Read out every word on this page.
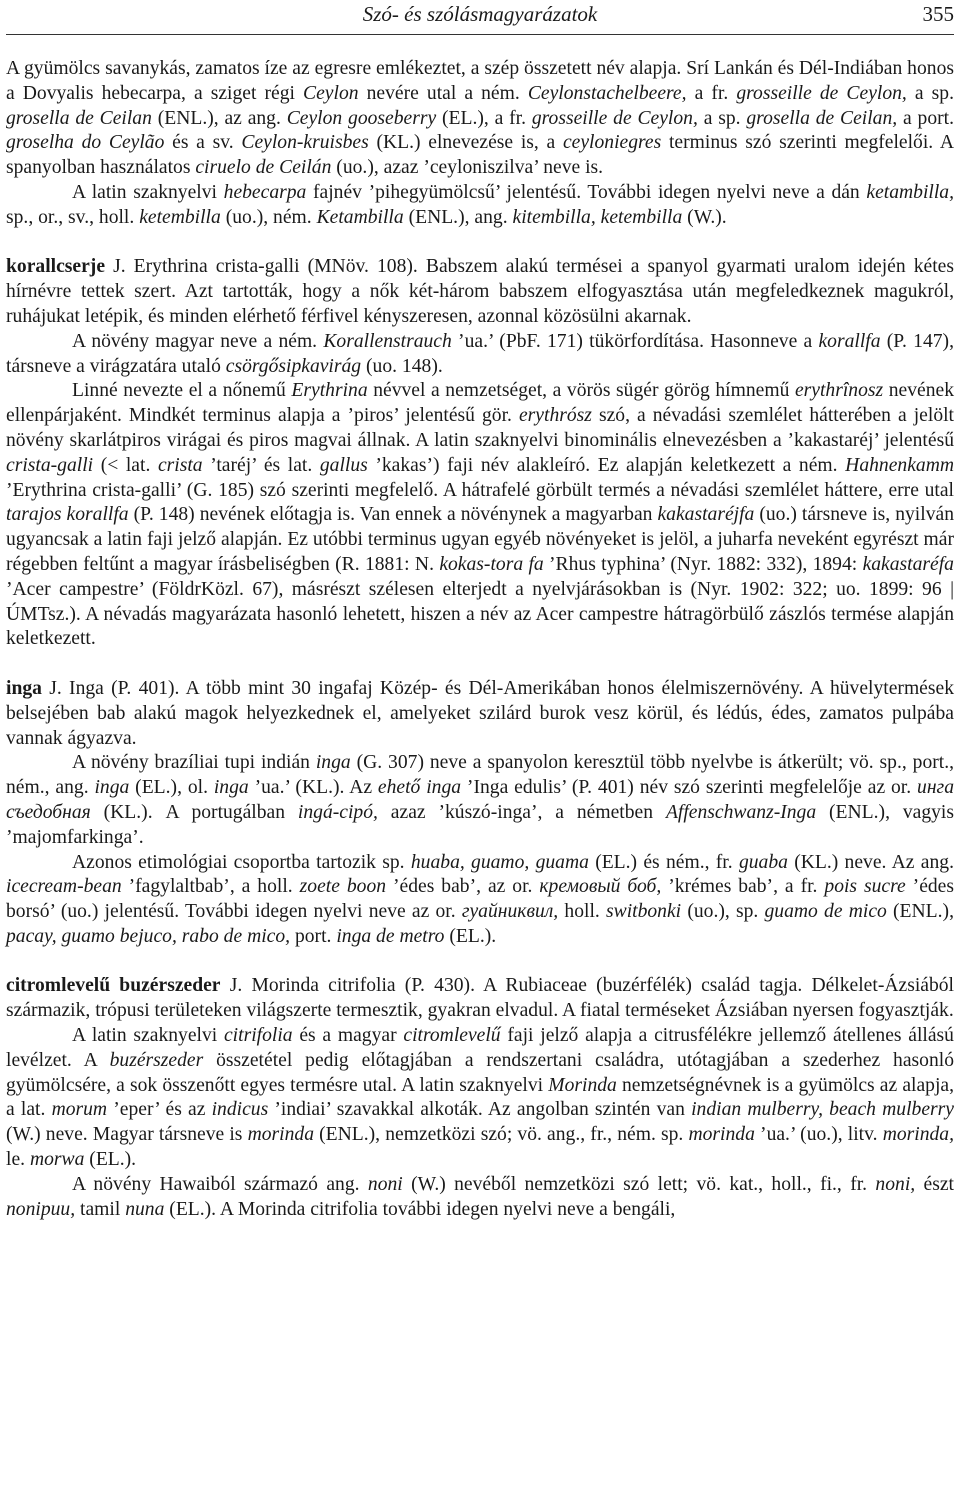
Szó- és szólásmagyarázatok	355

A gyümölcs savanykás, zamatos íze az egresre emlékeztet, a szép összetett név alapja. Srí Lankán és Dél-Indiában honos a Dovyalis hebecarpa, a sziget régi Ceylon nevére utal a ném. Ceylonstachelbeere, a fr. grosseille de Ceylon, a sp. grosella de Ceilan (ENL.), az ang. Ceylon gooseberry (EL.), a fr. grosseille de Ceylon, a sp. grosella de Ceilan, a port. groselha do Ceylão és a sv. Ceylon-kruisbes (KL.) elnevezése is, a ceyloniegres terminus szó szerinti megfelelői. A spanyolban használatos ciruelo de Ceilán (uo.), azaz ’ceyloniszilva’ neve is.

A latin szaknyelvi hebecarpa fajnév ’pihegyümölcsű’ jelentésű. További idegen nyelvi neve a dán ketambilla, sp., or., sv., holl. ketembilla (uo.), ném. Ketambilla (ENL.), ang. kitembilla, ketembilla (W.).

korallcserje J. Erythrina crista-galli (MNöv. 108). Babszem alakú termései a spanyol gyarmati uralom idején kétes hírnévre tettek szert. Azt tartották, hogy a nők két-három babszem elfogyasztása után megfeledkeznek magukról, ruhájukat letépik, és minden elérhető férfivel kényszeresen, azonnal közösülni akarnak.

A növény magyar neve a ném. Korallenstrauch ’ua.’ (PbF. 171) tükörfordítása. Hasonneve a korallfa (P. 147), társneve a virágzatára utaló csörgősipkavirág (uo. 148).

Linné nevezte el a nőnemű Erythrina névvel a nemzetséget, a vörös sügér görög hímnemű erythrînosz nevének ellenpárjaként. Mindkét terminus alapja a ’piros’ jelentésű gör. erythrósz szó, a névadási szemlélet hátterében a jelölt növény skarlátpiros virágai és piros magvai állnak. A latin szaknyelvi binominális elnevezésben a ’kakastaréj’ jelentésű crista-galli (< lat. crista ’taréj’ és lat. gallus ’kakas’) faji név alakleíró. Ez alapján keletkezett a ném. Hahnenkamm ’Erythrina crista-galli’ (G. 185) szó szerinti megfelelő. A hátrafelé görbült termés a névadási szemlélet háttere, erre utal tarajos korallfa (P. 148) nevének előtagja is. Van ennek a növénynek a magyarban kakastaréjfa (uo.) társneve is, nyilván ugyancsak a latin faji jelző alapján. Ez utóbbi terminus ugyan egyéb növényeket is jelöl, a juharfa neveként egyrészt már régebben feltűnt a magyar írásbeliségben (R. 1881: N. kokas-tora fa ’Rhus typhina’ (Nyr. 1882: 332), 1894: kakastaréfa ’Acer campestre’ (FöldrKözl. 67), másrészt szélesen elterjedt a nyelvjárásokban is (Nyr. 1902: 322; uo. 1899: 96 | ÚMTsz.). A névadás magyarázata hasonló lehetett, hiszen a név az Acer campestre hátragörbülő zászlós termése alapján keletkezett.

inga J. Inga (P. 401). A több mint 30 ingafaj Közép- és Dél-Amerikában honos élelmiszernövény. A hüvelytermések belsejében bab alakú magok helyezkednek el, amelyeket szilárd burok vesz körül, és lédús, édes, zamatos pulpába vannak ágyazva.

A növény brazíliai tupi indián inga (G. 307) neve a spanyolon keresztül több nyelvbe is átkerült; vö. sp., port., ném., ang. inga (EL.), ol. inga ’ua.’ (KL.). Az ehető inga ’Inga edulis’ (P. 401) név szó szerinti megfelelője az or. инга съедобная (KL.). A portugálban ingá-cipó, azaz ’kúszó-inga’, a németben Affenschwanz-Inga (ENL.), vagyis ’majomfarkinga’.

Azonos etimológiai csoportba tartozik sp. huaba, guamo, guama (EL.) és ném., fr. guaba (KL.) neve. Az ang. icecream-bean ’fagylaltbab’, a holl. zoete boon ’édes bab’, az or. кремовый боб, ’krémes bab’, a fr. pois sucre ’édes borsó’ (uo.) jelentésű. További idegen nyelvi neve az or. гуайниквил, holl. switbonki (uo.), sp. guamo de mico (ENL.), pacay, guamo bejuco, rabo de mico, port. inga de metro (EL.).

citromlevelű buzérszeder J. Morinda citrifolia (P. 430). A Rubiaceae (buzérfélék) család tagja. Délkelet-Ázsiából származik, trópusi területeken világszerte termesztik, gyakran elvadul. A fiatal terméseket Ázsiában nyersen fogyasztják.

A latin szaknyelvi citrifolia és a magyar citromlevelű faji jelző alapja a citrusfélékre jellemző átellenes állású levélzet. A buzérszeder összetétel pedig előtagjában a rendszertani családra, utótagjában a szederhez hasonló gyümölcsére, a sok összenőtt egyes termésre utal. A latin szaknyelvi Morinda nemzetségnévnek is a gyümölcs az alapja, a lat. morum ’eper’ és az indicus ’indiai’ szavakkal alkoták. Az angolban szintén van indian mulberry, beach mulberry (W.) neve. Magyar társneve is morinda (ENL.), nemzetközi szó; vö. ang., fr., ném. sp. morinda ’ua.’ (uo.), litv. morinda, le. morwa (EL.).

A növény Hawaiból származó ang. noni (W.) nevéből nemzetközi szó lett; vö. kat., holl., fi., fr. noni, észt nonipuu, tamil nuna (EL.). A Morinda citrifolia további idegen nyelvi neve a bengáli,
